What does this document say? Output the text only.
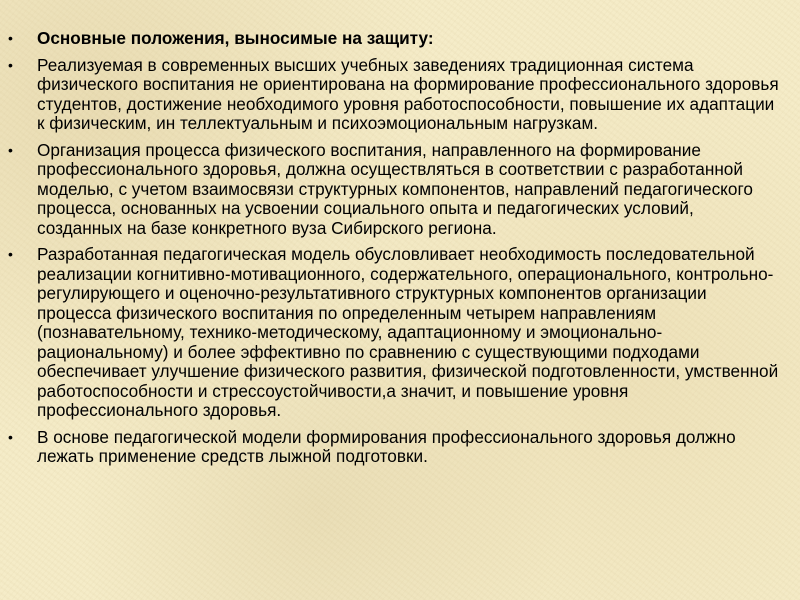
•	Основные положения, выносимые на защиту:
•	Реализуемая в современных высших учебных заведениях традиционная система физического воспитания не ориентирована на формирование профессионального здоровья студентов, достижение необходимого уровня работоспособности, повышение их адаптации к физическим, ин теллектуальным и психоэмоциональным нагрузкам.
•	Организация процесса физического воспитания, направленного на формирование профессионального здоровья, должна осуществляться в соответствии с разработанной моделью, с учетом взаимосвязи структурных компонентов, направлений педагогического процесса, основанных на усвоении социального опыта и педагогических условий, созданных на базе конкретного вуза Сибирского региона.
•	Разработанная педагогическая модель обусловливает необходимость последовательной реализации когнитивно-мотивационного, содержательного, операционального, контрольно-регулирующего и оценочно-результативного структурных компонентов организации процесса физического воспитания по определенным четырем направлениям (познавательному, технико-методическому, адаптационному и эмоционально-рациональному) и более эффективно по сравнению с существующими подходами обеспечивает улучшение физического развития, физической подготовленности, умственной работоспособности и стрессоустойчивости,а значит, и повышение уровня профессионального здоровья.
•	В основе педагогической модели формирования профессионального здоровья должно лежать применение средств лыжной подготовки.
